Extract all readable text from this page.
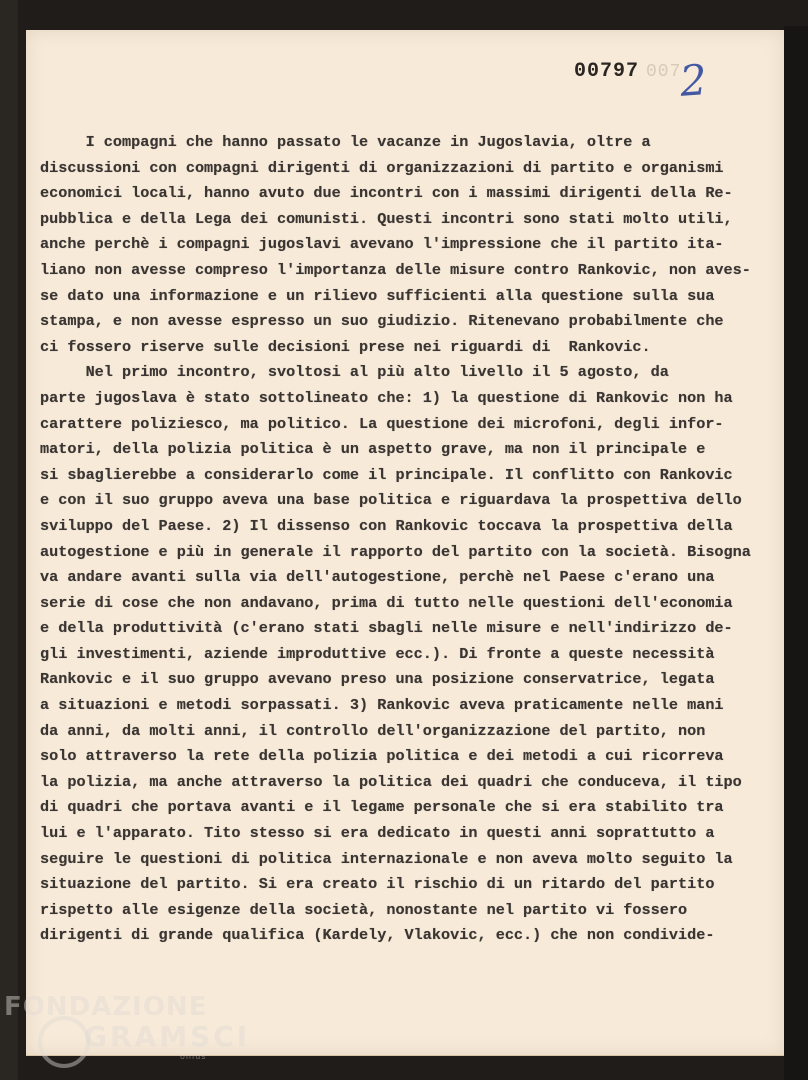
007
00797 2
I compagni che hanno passato le vacanze in Jugoslavia, oltre a
discussioni con compagni dirigenti di organizzazioni di partito e organismi
economici locali, hanno avuto due incontri con i massimi dirigenti della Re-
pubblica e della Lega dei comunisti. Questi incontri sono stati molto utili,
anche perchè i compagni jugoslavi avevano l'impressione che il partito ita-
liano non avesse compreso l'importanza delle misure contro Rankovic, non aves-
se dato una informazione e un rilievo sufficienti alla questione sulla sua
stampa, e non avesse espresso un suo giudizio. Ritenevano probabilmente che
ci fossero riserve sulle decisioni prese nei riguardi di  Rankovic.
Nel primo incontro, svoltosi al più alto livello il 5 agosto, da
parte jugoslava è stato sottolineato che: 1) la questione di Rankovic non ha
carattere poliziesco, ma politico. La questione dei microfoni, degli infor-
matori, della polizia politica è un aspetto grave, ma non il principale e
si sbaglierebbe a considerarlo come il principale. Il conflitto con Rankovic
e con il suo gruppo aveva una base politica e riguardava la prospettiva dello
sviluppo del Paese. 2) Il dissenso con Rankovic toccava la prospettiva della
autogestione e più in generale il rapporto del partito con la società. Bisogna
va andare avanti sulla via dell'autogestione, perchè nel Paese c'erano una
serie di cose che non andavano, prima di tutto nelle questioni dell'economia
e della produttività (c'erano stati sbagli nelle misure e nell'indirizzo de-
gli investimenti, aziende improduttive ecc.). Di fronte a queste necessità
Rankovic e il suo gruppo avevano preso una posizione conservatrice, legata
a situazioni e metodi sorpassati. 3) Rankovic aveva praticamente nelle mani
da anni, da molti anni, il controllo dell'organizzazione del partito, non
solo attraverso la rete della polizia politica e dei metodi a cui ricorreva
la polizia, ma anche attraverso la politica dei quadri che conduceva, il tipo
di quadri che portava avanti e il legame personale che si era stabilito tra
lui e l'apparato. Tito stesso si era dedicato in questi anni soprattutto a
seguire le questioni di politica internazionale e non aveva molto seguito la
situazione del partito. Si era creato il rischio di un ritardo del partito
rispetto alle esigenze della società, nonostante nel partito vi fossero
dirigenti di grande qualifica (Kardely, Vlakovic, ecc.) che non condivide-
FONDAZIONE
GRAMSCI
onlus
